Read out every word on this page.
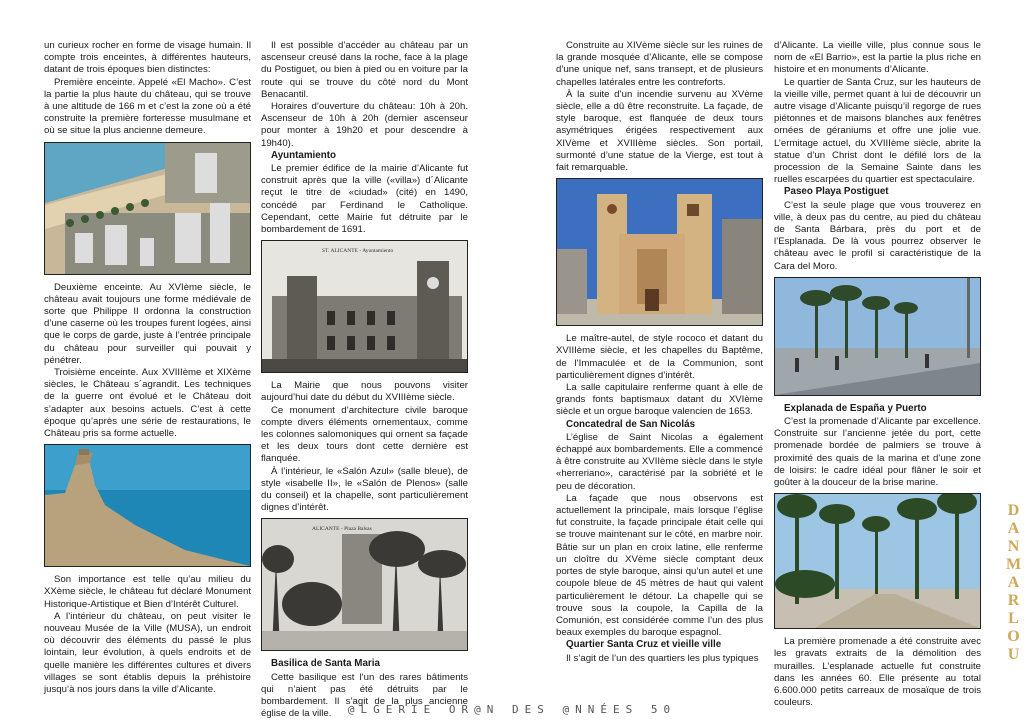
un curieux rocher en forme de visage humain. Il compte trois enceintes, à différentes hauteurs, datant de trois époques bien distinctes:

Première enceinte. Appelé «El Macho». C’est la partie la plus haute du château, qui se trouve à une altitude de 166 m et c’est la zone où a été construite la première forteresse musulmane et où se situe la plus ancienne demeure.

Deuxième enceinte. Au XVIème siècle, le château avait toujours une forme médiévale de sorte que Philippe II ordonna la construction d’une caserne où les troupes furent logées, ainsi que le corps de garde, juste à l’entrée principale du château pour surveiller qui pouvait y pénétrer.

Troisième enceinte. Aux XVIIIème et XIXème siècles, le Château s´agrandit. Les techniques de la guerre ont évolué et le Château doit s’adapter aux besoins actuels. C’est à cette époque qu’après une série de restaurations, le Château pris sa forme actuelle.

Son importance est telle qu’au milieu du XXème siècle, le château fut déclaré Monument Historique-Artistique et Bien d’Intérêt Culturel.

A l’intérieur du château, on peut visiter le nouveau Musée de la Ville (MUSA), un endroit où découvrir des éléments du passé le plus lointain, leur évolution, à quels endroits et de quelle manière les différentes cultures et divers villages se sont établis depuis la préhistoire jusqu’à nos jours dans la ville d’Alicante.

Il est possible d’accéder au château par un ascenseur creusé dans la roche, face à la plage du Postiguet, ou bien à pied ou en voiture par la route qui se trouve du côté nord du Mont Benacantil.

Horaires d’ouverture du château: 10h à 20h. Ascenseur de 10h à 20h (dernier ascenseur pour monter à 19h20 et pour descendre à 19h40).

Ayuntamiento

Le premier édifice de la mairie d’Alicante fut construit après que la ville («villa») d´Alicante reçut le titre de «ciudad» (cité) en 1490, concédé par Ferdinand le Catholique. Cependant, cette Mairie fut détruite par le bombardement de 1691.

ST. ALICANTE - Ayuntamiento

La Mairie que nous pouvons visiter aujourd’hui date du début du XVIIIème siècle.

Ce monument d’architecture civile baroque compte divers éléments ornementaux, comme les colonnes salomoniques qui ornent sa façade et les deux tours dont cette dernière est flanquée.

À l’intérieur, le «Salón Azul» (salle bleue), de style «isabelle II», le «Salón de Plenos» (salle du conseil) et la chapelle, sont particulièrement dignes d’intérêt.

ALICANTE - Plaza Balsas
Basilica de Santa Maria

Cette basilique est l’un des rares bâtiments qui n’aient pas été détruits par le bombardement. Il s’agit de la plus ancienne église de la ville.

Construite au XIVème siècle sur les ruines de la grande mosquée d’Alicante, elle se compose d’une unique nef, sans transept, et de plusieurs chapelles latérales entre les contreforts.

À la suite d’un incendie survenu au XVème siècle, elle a dû être reconstruite. La façade, de style baroque, est flanquée de deux tours asymétriques érigées respectivement aux XIVème et XVIIIème siècles. Son portail, surmonté d’une statue de la Vierge, est tout à fait remarquable.

Le maître-autel, de style rococo et datant du XVIIIème siècle, et les chapelles du Baptême, de l’Immaculée et de la Communion, sont particulièrement dignes d’intérêt.

La salle capitulaire renferme quant à elle de grands fonts baptismaux datant du XVIème siècle et un orgue baroque valencien de 1653.

Concatedral de San Nicolás

L’église de Saint Nicolas a également échappé aux bombardements. Elle a commencé à être construite au XVIIème siècle dans le style «herreriano», caractérisé par la sobriété et le peu de décoration.

La façade que nous observons est actuellement la principale, mais lorsque l’église fut construite, la façade principale était celle qui se trouve maintenant sur le côté, en marbre noir. Bâtie sur un plan en croix latine, elle renferme un cloître du XVème siècle comptant deux portes de style baroque, ainsi qu’un autel et une coupole bleue de 45 mètres de haut qui valent particulièrement le détour. La chapelle qui se trouve sous la coupole, la Capilla de la Comunión, est considérée comme l’un des plus beaux exemples du baroque espagnol.

Quartier Santa Cruz et vieille ville

Il s’agit de l’un des quartiers les plus typiques

d’Alicante. La vieille ville, plus connue sous le nom de «El Barrio», est la partie la plus riche en histoire et en monuments d’Alicante.

Le quartier de Santa Cruz, sur les hauteurs de la vieille ville, permet quant à lui de découvrir un autre visage d’Alicante puisqu’il regorge de rues piétonnes et de maisons blanches aux fenêtres ornées de géraniums et offre une jolie vue. L’ermitage actuel, du XVIIIème siècle, abrite la statue d’un Christ dont le défilé lors de la procession de la Semaine Sainte dans les ruelles escarpées du quartier est spectaculaire.

Paseo Playa Postiguet

C’est la seule plage que vous trouverez en ville, à deux pas du centre, au pied du château de Santa Bárbara, près du port et de l’Esplanada. De là vous pourrez observer le château avec le profil si caractéristique de la Cara del Moro.

Explanada de España y Puerto

C’est la promenade d’Alicante par excellence. Construite sur l’ancienne jetée du port, cette promenade bordée de palmiers se trouve à proximité des quais de la marina et d’une zone de loisirs: le cadre idéal pour flâner le soir et goûter à la douceur de la brise marine.

La première promenade a été construite avec les gravats extraits de la démolition des murailles. L’esplanade actuelle fut construite dans les années 60. Elle présente au total 6.600.000 petits carreaux de mosaïque de trois couleurs.

DANMARLOU
@LGERIE OR@N DES @NNÉES 50
